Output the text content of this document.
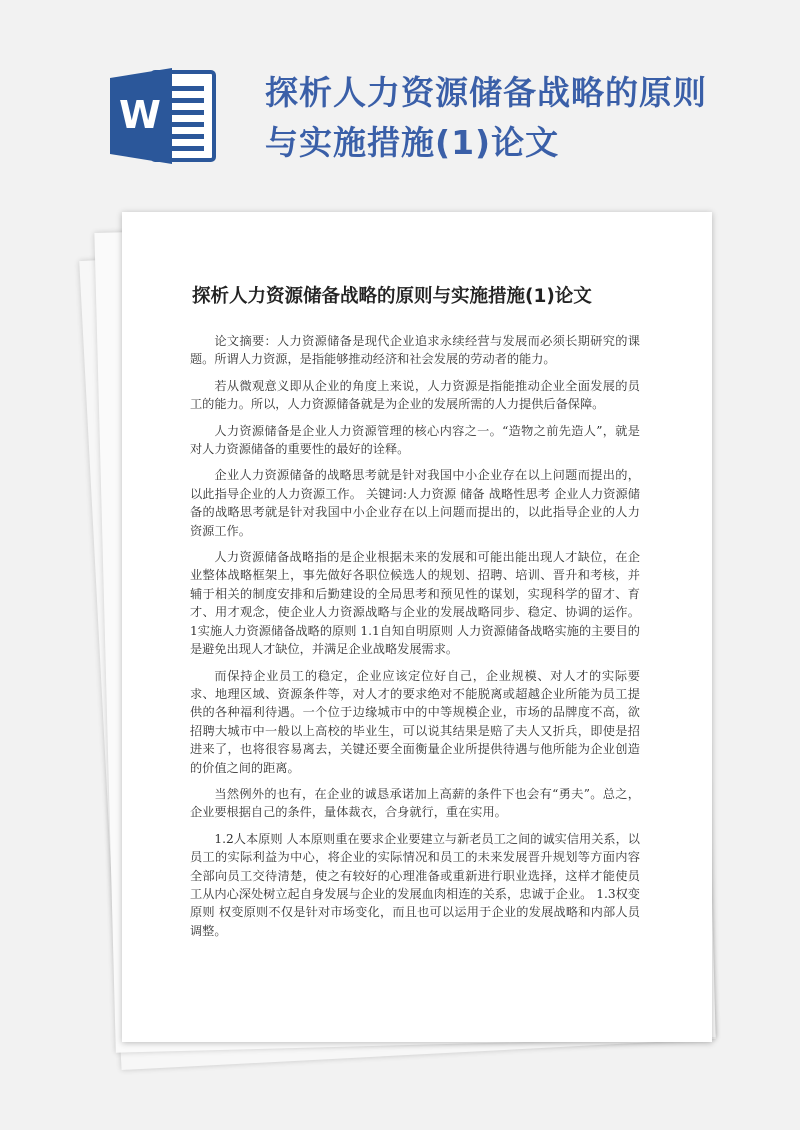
W
探析人力资源储备战略的原则
与实施措施(1)论文
探析人力资源储备战略的原则与实施措施(1)论文

论文摘要：人力资源储备是现代企业追求永续经营与发展而必须长期研究的课题。所谓人力资源，是指能够推动经济和社会发展的劳动者的能力。

若从微观意义即从企业的角度上来说，人力资源是指能推动企业全面发展的员工的能力。所以，人力资源储备就是为企业的发展所需的人力提供后备保障。

人力资源储备是企业人力资源管理的核心内容之一。“造物之前先造人”，就是对人力资源储备的重要性的最好的诠释。

企业人力资源储备的战略思考就是针对我国中小企业存在以上问题而提出的，以此指导企业的人力资源工作。 关键词:人力资源 储备 战略性思考 企业人力资源储备的战略思考就是针对我国中小企业存在以上问题而提出的，以此指导企业的人力资源工作。

人力资源储备战略指的是企业根据未来的发展和可能出能出现人才缺位，在企业整体战略框架上，事先做好各职位候选人的规划、招聘、培训、晋升和考核，并辅于相关的制度安排和后勤建设的全局思考和预见性的谋划，实现科学的留才、育才、用才观念，使企业人力资源战略与企业的发展战略同步、稳定、协调的运作。 1实施人力资源储备战略的原则 1.1自知自明原则 人力资源储备战略实施的主要目的是避免出现人才缺位，并满足企业战略发展需求。

而保持企业员工的稳定，企业应该定位好自己，企业规模、对人才的实际要求、地理区域、资源条件等，对人才的要求绝对不能脱离或超越企业所能为员工提供的各种福利待遇。一个位于边缘城市中的中等规模企业，市场的品牌度不高，欲招聘大城市中一般以上高校的毕业生，可以说其结果是赔了夫人又折兵，即使是招进来了，也将很容易离去，关键还要全面衡量企业所提供待遇与他所能为企业创造的价值之间的距离。

当然例外的也有，在企业的诚恳承诺加上高薪的条件下也会有“勇夫”。总之，企业要根据自己的条件，量体裁衣，合身就行，重在实用。

1.2人本原则 人本原则重在要求企业要建立与新老员工之间的诚实信用关系，以员工的实际利益为中心，将企业的实际情况和员工的未来发展晋升规划等方面内容全部向员工交待清楚，使之有较好的心理准备或重新进行职业选择，这样才能使员工从内心深处树立起自身发展与企业的发展血肉相连的关系，忠诚于企业。 1.3权变原则 权变原则不仅是针对市场变化，而且也可以运用于企业的发展战略和内部人员调整。
